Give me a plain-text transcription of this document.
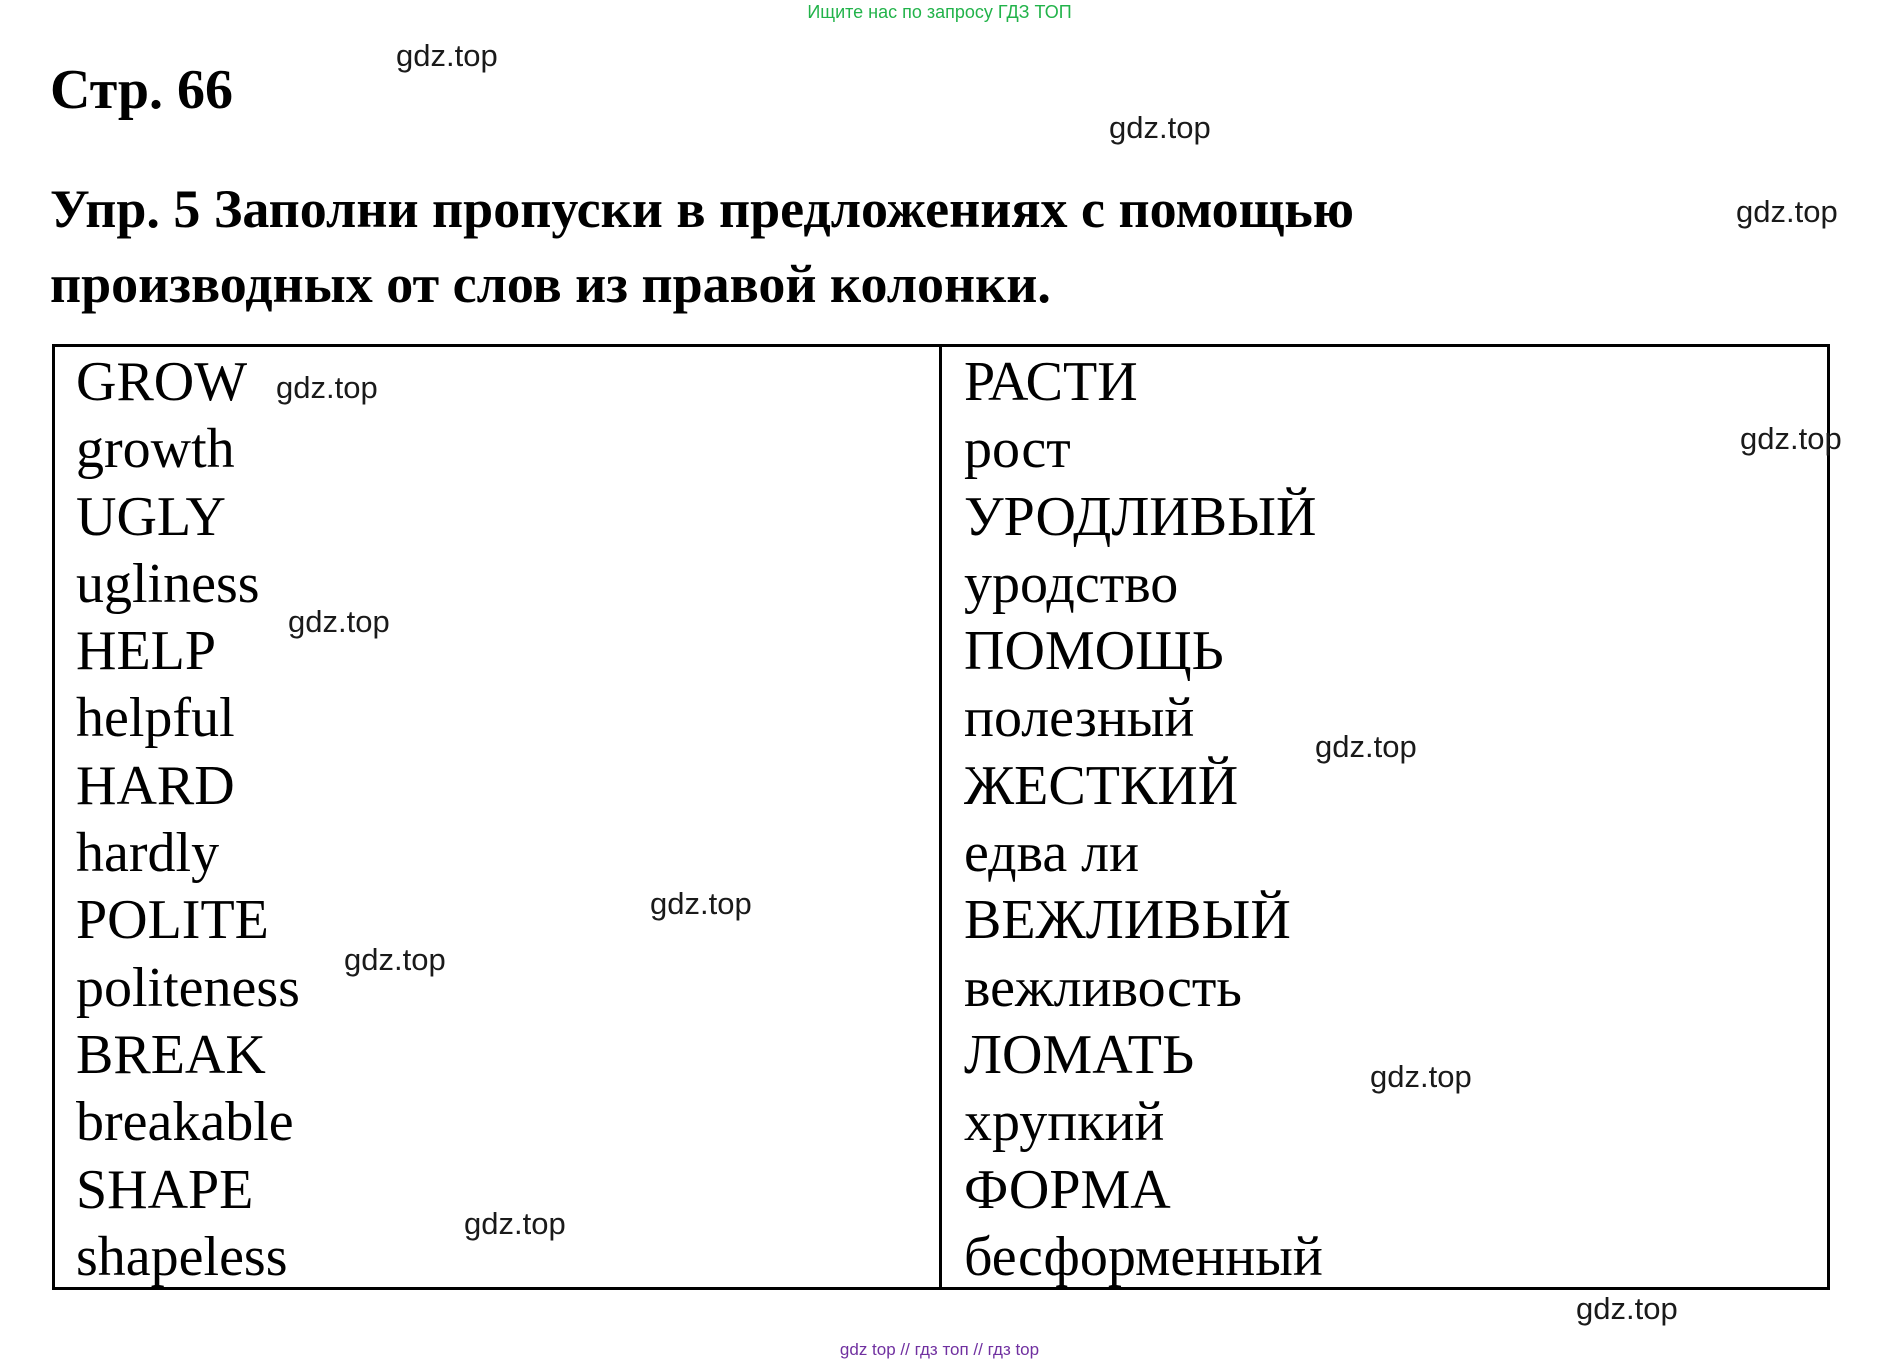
Ищите нас по запросу ГДЗ ТОП
Стр. 66
Упр. 5 Заполни пропуски в предложениях с помощью производных от слов из правой колонки.
GROW
growth
UGLY
ugliness
HELP
helpful
HARD
hardly
POLITE
politeness
BREAK
breakable
SHAPE
shapeless
РАСТИ
рост
УРОДЛИВЫЙ
уродство
ПОМОЩЬ
полезный
ЖЕСТКИЙ
едва ли
ВЕЖЛИВЫЙ
вежливость
ЛОМАТЬ
хрупкий
ФОРМА
бесформенный
gdz.top
gdz.top
gdz.top
gdz.top
gdz.top
gdz.top
gdz.top
gdz.top
gdz.top
gdz.top
gdz.top
gdz.top
gdz top // гдз топ // гдз top
